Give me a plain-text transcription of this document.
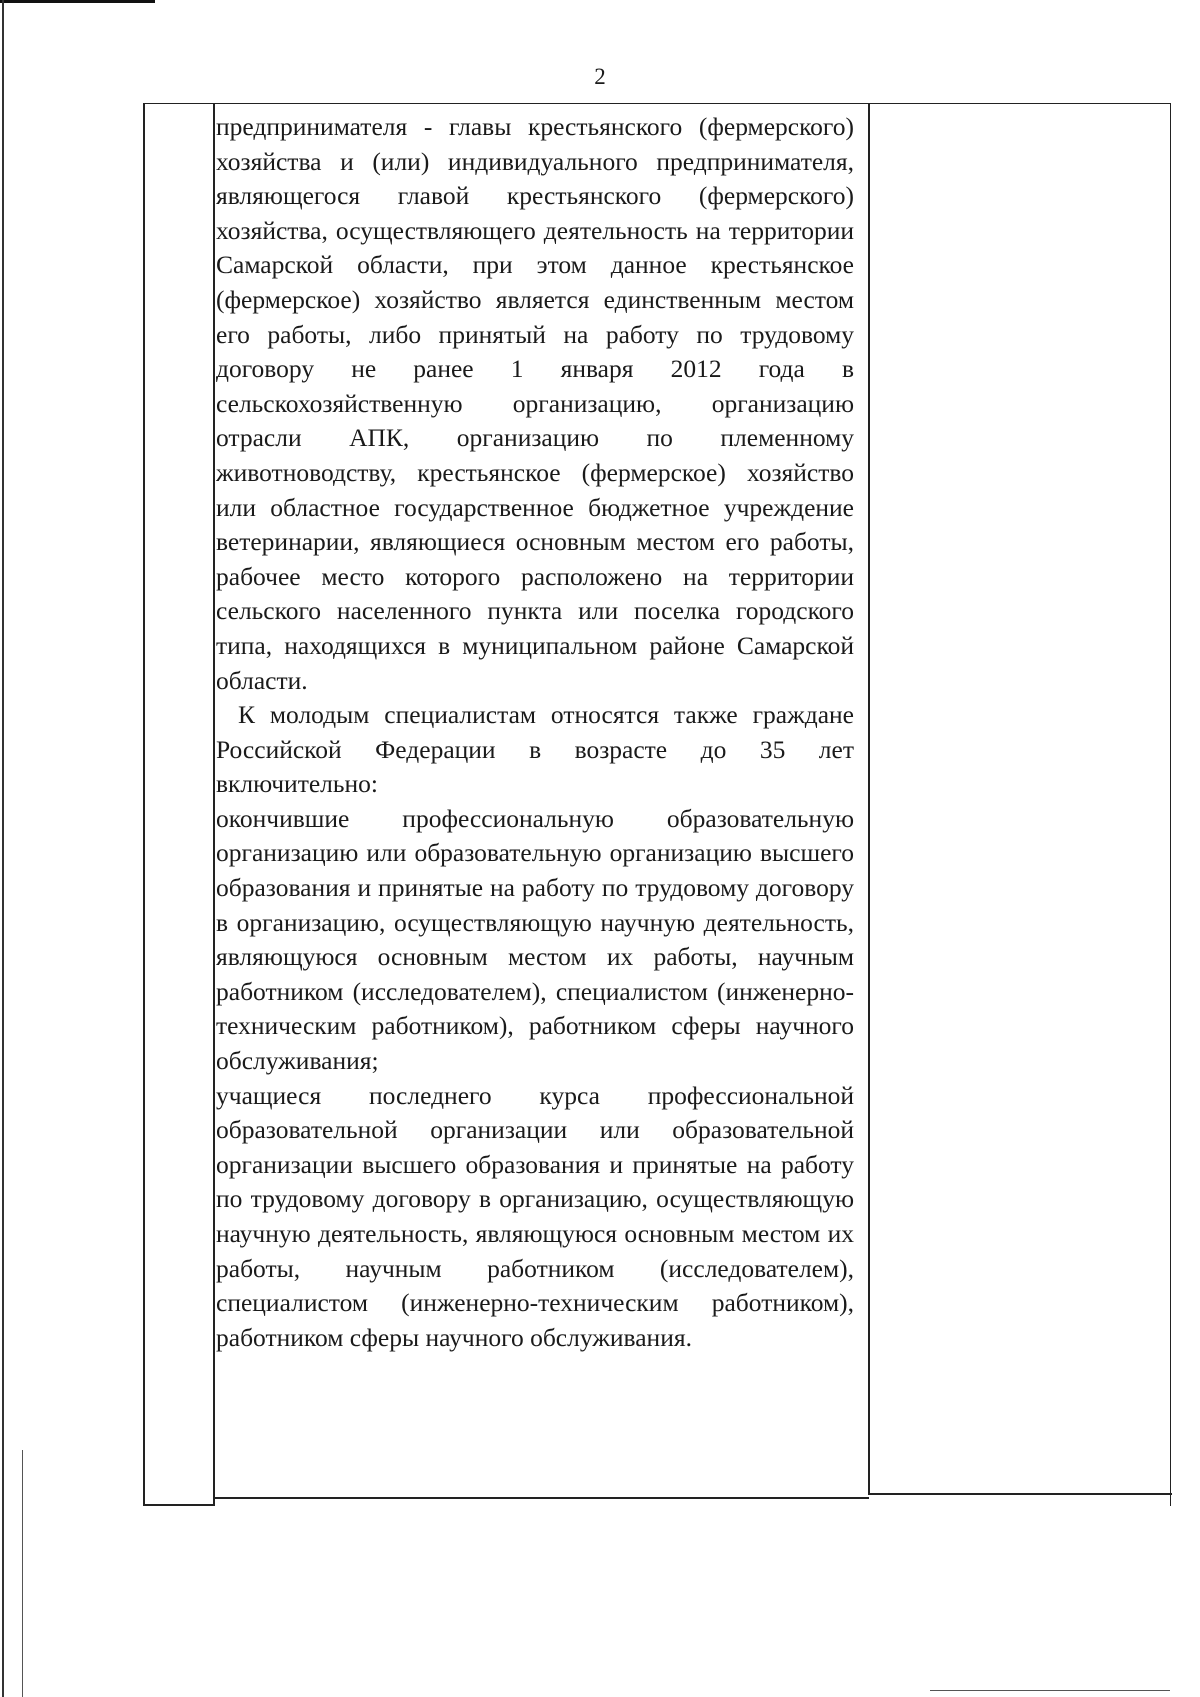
2

предпринимателя - главы крестьянского (фермерского) хозяйства и (или) индивидуального предпринимателя, являющегося главой крестьянского (фермерского) хозяйства, осуществляющего деятельность на территории Самарской области, при этом данное крестьянское (фермерское) хозяйство является единственным местом его работы, либо принятый на работу по трудовому договору не ранее 1 января 2012 года в сельскохозяйственную организацию, организацию отрасли АПК, организацию по племенному животноводству, крестьянское (фермерское) хозяйство или областное государственное бюджетное учреждение ветеринарии, являющиеся основным местом его работы, рабочее место которого расположено на территории сельского населенного пункта или поселка городского типа, находящихся в муниципальном районе Самарской области.

К молодым специалистам относятся также граждане Российской Федерации в возрасте до 35 лет включительно:

окончившие профессиональную образовательную организацию или образовательную организацию высшего образования и принятые на работу по трудовому договору в организацию, осуществляющую научную деятельность, являющуюся основным местом их работы, научным работником (исследователем), специалистом (инженерно-техническим работником), работником сферы научного обслуживания;

учащиеся последнего курса профессиональной образовательной организации или образовательной организации высшего образования и принятые на работу по трудовому договору в организацию, осуществляющую научную деятельность, являющуюся основным местом их работы, научным работником (исследователем), специалистом (инженерно-техническим работником), работником сферы научного обслуживания.
